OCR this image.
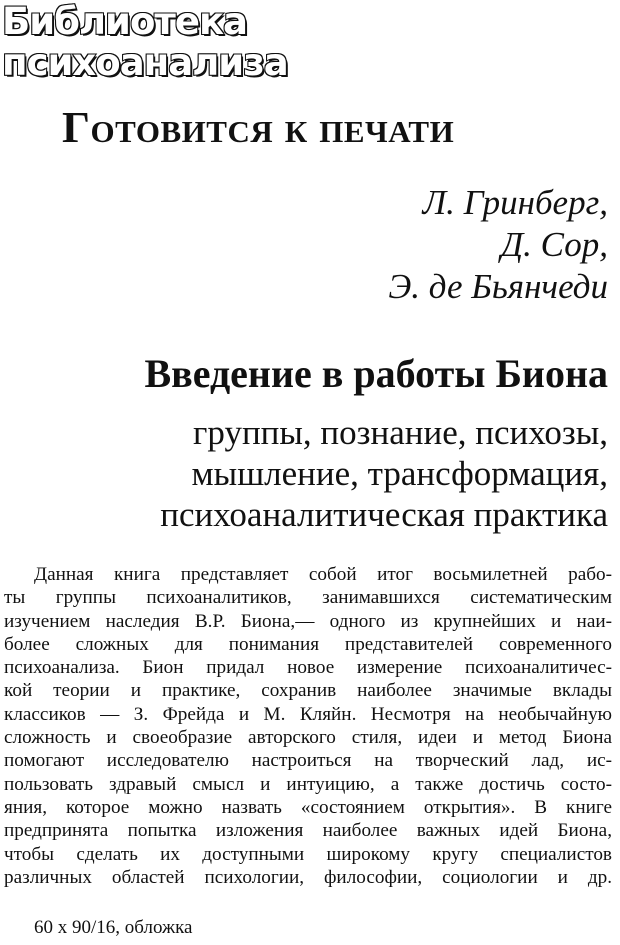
Библиотека
психоанализа
Готовится к печати
Л. Гринберг,
Д. Сор,
Э. де Бьянчеди
Введение в работы Биона
группы, познание, психозы,
мышление, трансформация,
психоаналитическая практика
Данная книга представляет собой итог восьмилетней рабо-
ты группы психоаналитиков, занимавшихся систематическим
изучением наследия В.Р. Биона,— одного из крупнейших и наи-
более сложных для понимания представителей современного
психоанализа. Бион придал новое измерение психоаналитичес-
кой теории и практике, сохранив наиболее значимые вклады
классиков — З. Фрейда и М. Кляйн. Несмотря на необычайную
сложность и своеобразие авторского стиля, идеи и метод Биона
помогают исследователю настроиться на творческий лад, ис-
пользовать здравый смысл и интуицию, а также достичь состо-
яния, которое можно назвать «состоянием открытия». В книге
предпринята попытка изложения наиболее важных идей Биона,
чтобы сделать их доступными широкому кругу специалистов
различных областей психологии, философии, социологии и др.
60 x 90/16, обложка
